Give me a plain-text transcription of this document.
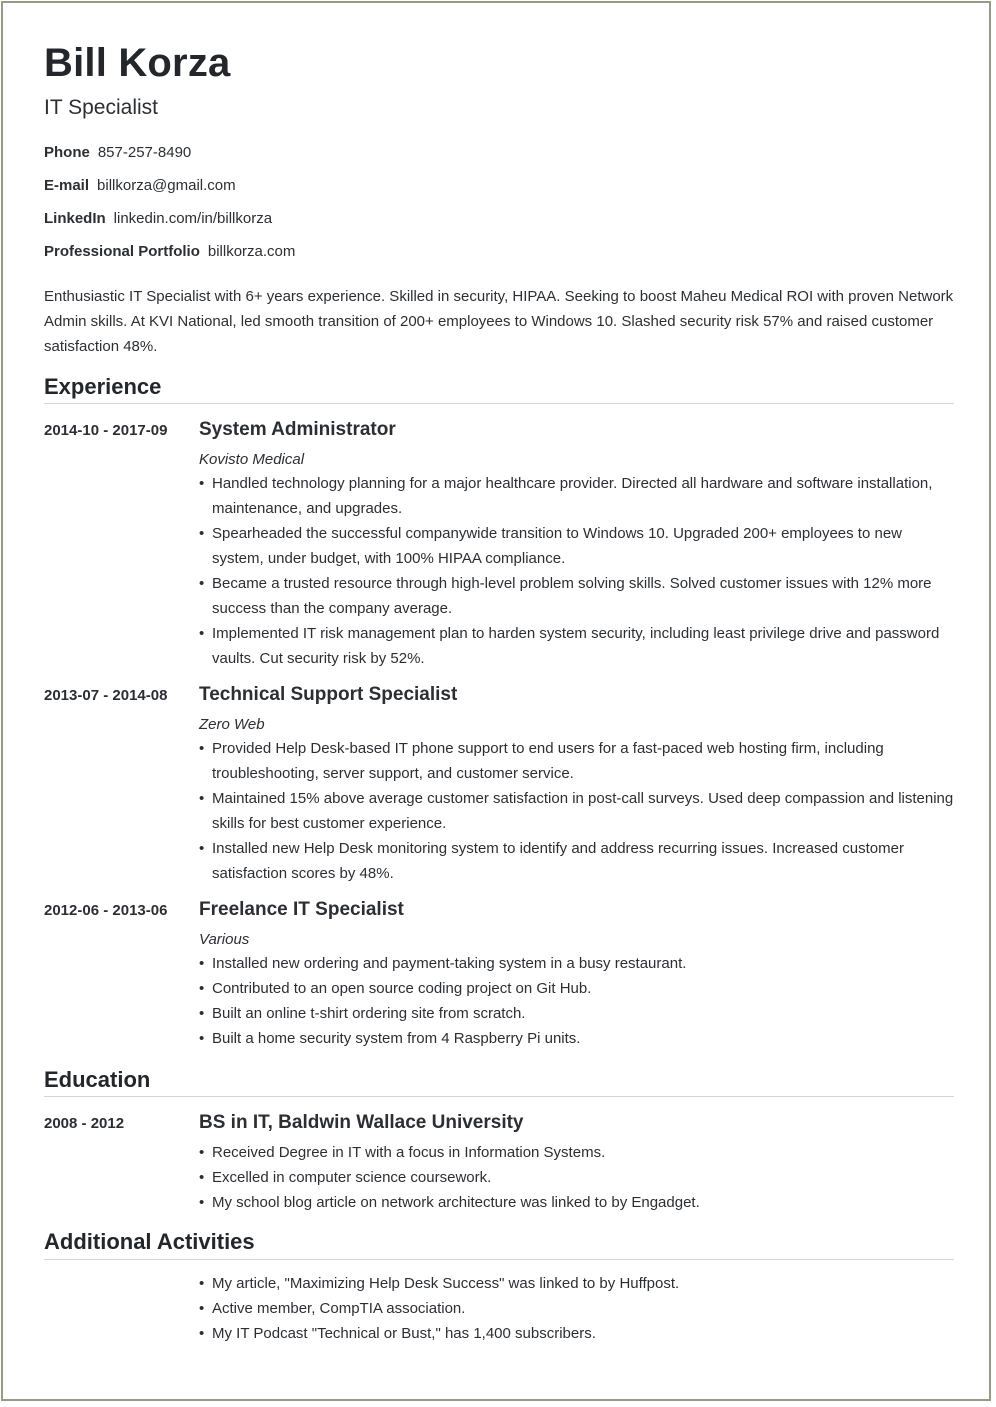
Bill Korza
IT Specialist
Phone 857-257-8490
E-mail billkorza@gmail.com
LinkedIn linkedin.com/in/billkorza
Professional Portfolio billkorza.com
Enthusiastic IT Specialist with 6+ years experience. Skilled in security, HIPAA. Seeking to boost Maheu Medical ROI with proven Network Admin skills. At KVI National, led smooth transition of 200+ employees to Windows 10. Slashed security risk 57% and raised customer satisfaction 48%.
Experience
2014-10 - 2017-09 System Administrator
Kovisto Medical
• Handled technology planning for a major healthcare provider. Directed all hardware and software installation, maintenance, and upgrades.
• Spearheaded the successful companywide transition to Windows 10. Upgraded 200+ employees to new system, under budget, with 100% HIPAA compliance.
• Became a trusted resource through high-level problem solving skills. Solved customer issues with 12% more success than the company average.
• Implemented IT risk management plan to harden system security, including least privilege drive and password vaults. Cut security risk by 52%.
2013-07 - 2014-08 Technical Support Specialist
Zero Web
• Provided Help Desk-based IT phone support to end users for a fast-paced web hosting firm, including troubleshooting, server support, and customer service.
• Maintained 15% above average customer satisfaction in post-call surveys. Used deep compassion and listening skills for best customer experience.
• Installed new Help Desk monitoring system to identify and address recurring issues. Increased customer satisfaction scores by 48%.
2012-06 - 2013-06 Freelance IT Specialist
Various
• Installed new ordering and payment-taking system in a busy restaurant.
• Contributed to an open source coding project on Git Hub.
• Built an online t-shirt ordering site from scratch.
• Built a home security system from 4 Raspberry Pi units.
Education
2008 - 2012	BS in IT, Baldwin Wallace University
• Received Degree in IT with a focus in Information Systems.
• Excelled in computer science coursework.
• My school blog article on network architecture was linked to by Engadget.
Additional Activities
• My article, "Maximizing Help Desk Success" was linked to by Huffpost.
• Active member, CompTIA association.
• My IT Podcast "Technical or Bust," has 1,400 subscribers.
